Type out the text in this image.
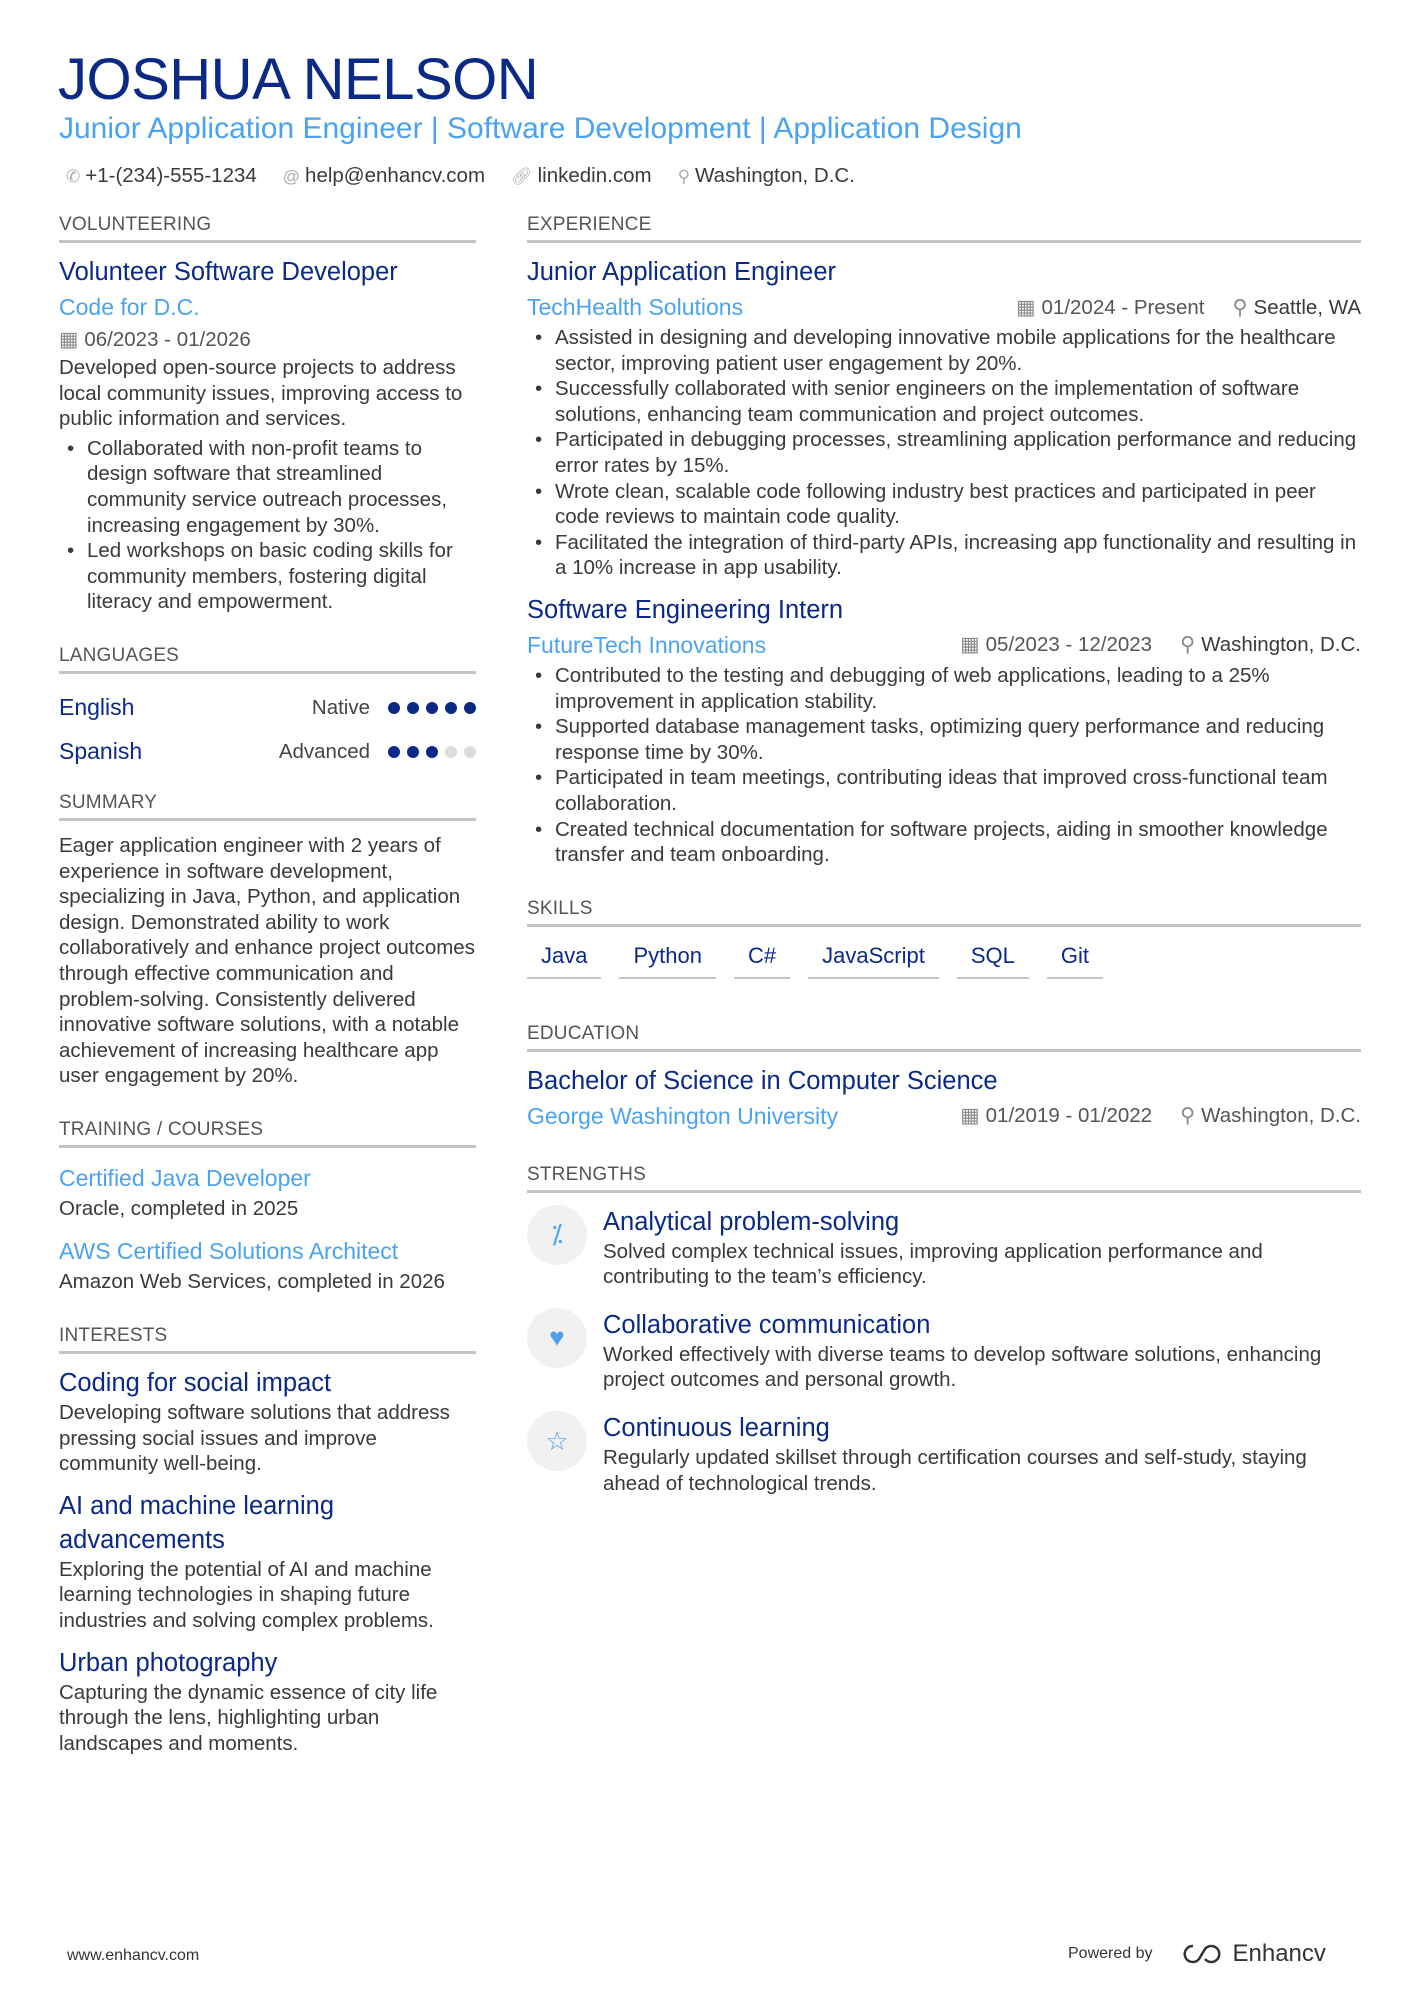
JOSHUA NELSON
Junior Application Engineer | Software Development | Application Design
✆ +1-(234)-555-1234 @ help@enhancv.com 🔗︎ linkedin.com ⚲ Washington, D.C.
VOLUNTEERING
Volunteer Software Developer
Code for D.C.
▦ 06/2023 - 01/2026
Developed open-source projects to address local community issues, improving access to public information and services.
• Collaborated with non-profit teams to design software that streamlined community service outreach processes, increasing engagement by 30%.
• Led workshops on basic coding skills for community members, fostering digital literacy and empowerment.
LANGUAGES
English	Native
Spanish	Advanced
SUMMARY
Eager application engineer with 2 years of experience in software development, specializing in Java, Python, and application design. Demonstrated ability to work collaboratively and enhance project outcomes through effective communication and problem-solving. Consistently delivered innovative software solutions, with a notable achievement of increasing healthcare app user engagement by 20%.
TRAINING / COURSES
Certified Java Developer
Oracle, completed in 2025
AWS Certified Solutions Architect
Amazon Web Services, completed in 2026
INTERESTS
Coding for social impact
Developing software solutions that address pressing social issues and improve community well-being.
AI and machine learning advancements
Exploring the potential of AI and machine learning technologies in shaping future industries and solving complex problems.
Urban photography
Capturing the dynamic essence of city life through the lens, highlighting urban landscapes and moments.
EXPERIENCE
Junior Application Engineer
TechHealth Solutions	▦ 01/2024 - Present ⚲ Seattle, WA
• Assisted in designing and developing innovative mobile applications for the healthcare sector, improving patient user engagement by 20%.
• Successfully collaborated with senior engineers on the implementation of software solutions, enhancing team communication and project outcomes.
• Participated in debugging processes, streamlining application performance and reducing error rates by 15%.
• Wrote clean, scalable code following industry best practices and participated in peer code reviews to maintain code quality.
• Facilitated the integration of third-party APIs, increasing app functionality and resulting in a 10% increase in app usability.
Software Engineering Intern
FutureTech Innovations	▦ 05/2023 - 12/2023 ⚲ Washington, D.C.
• Contributed to the testing and debugging of web applications, leading to a 25% improvement in application stability.
• Supported database management tasks, optimizing query performance and reducing response time by 30%.
• Participated in team meetings, contributing ideas that improved cross-functional team collaboration.
• Created technical documentation for software projects, aiding in smoother knowledge transfer and team onboarding.
SKILLS
Java	Python	C#	JavaScript	SQL	Git
EDUCATION
Bachelor of Science in Computer Science
George Washington University	▦ 01/2019 - 01/2022 ⚲ Washington, D.C.
STRENGTHS
⁒	Analytical problem-solving
Solved complex technical issues, improving application performance and contributing to the team’s efficiency.
♥	Collaborative communication
Worked effectively with diverse teams to develop software solutions, enhancing project outcomes and personal growth.
☆	Continuous learning
Regularly updated skillset through certification courses and self-study, staying ahead of technological trends.
www.enhancv.com	Powered by	Enhancv
